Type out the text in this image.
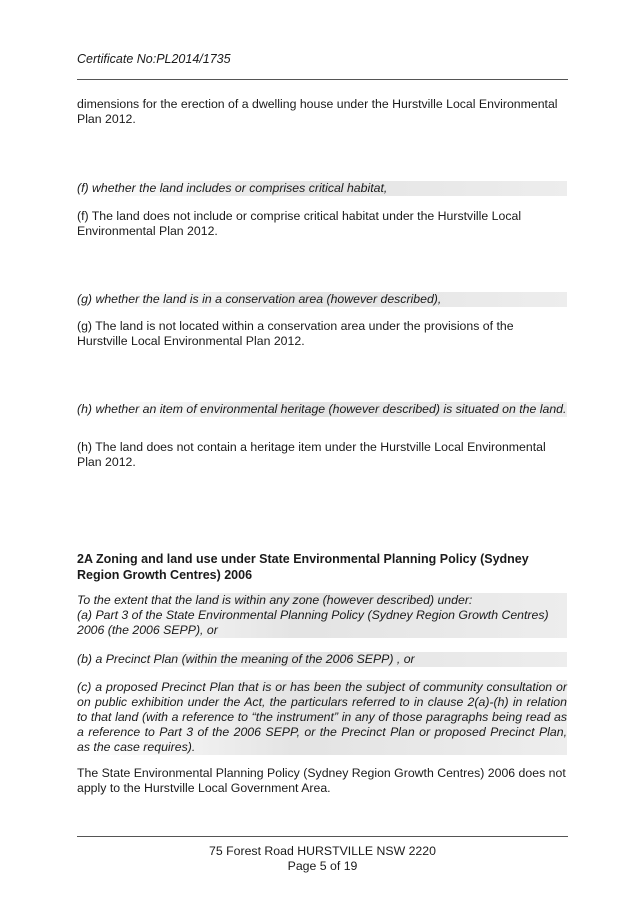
Certificate No:PL2014/1735
dimensions for the erection of a dwelling house under the Hurstville Local Environmental Plan 2012.
(f) whether the land includes or comprises critical habitat,
(f) The land does not include or comprise critical habitat under the Hurstville Local Environmental Plan 2012.
(g) whether the land is in a conservation area (however described),
(g) The land is not located within a conservation area under the provisions of the Hurstville Local Environmental Plan 2012.
(h) whether an item of environmental heritage (however described) is situated on the land.
(h) The land does not contain a heritage item under the Hurstville Local Environmental Plan 2012.
2A Zoning and land use under State Environmental Planning Policy (Sydney Region Growth Centres) 2006
To the extent that the land is within any zone (however described) under:
(a) Part 3 of the State Environmental Planning Policy (Sydney Region Growth Centres) 2006 (the 2006 SEPP), or
(b) a Precinct Plan (within the meaning of the 2006 SEPP) , or
(c) a proposed Precinct Plan that is or has been the subject of community consultation or on public exhibition under the Act, the particulars referred to in clause 2(a)-(h) in relation to that land (with a reference to “the instrument” in any of those paragraphs being read as a reference to Part 3 of the 2006 SEPP, or the Precinct Plan or proposed Precinct Plan, as the case requires).
The State Environmental Planning Policy (Sydney Region Growth Centres) 2006 does not apply to the Hurstville Local Government Area.
75 Forest Road HURSTVILLE NSW 2220
Page 5 of 19
